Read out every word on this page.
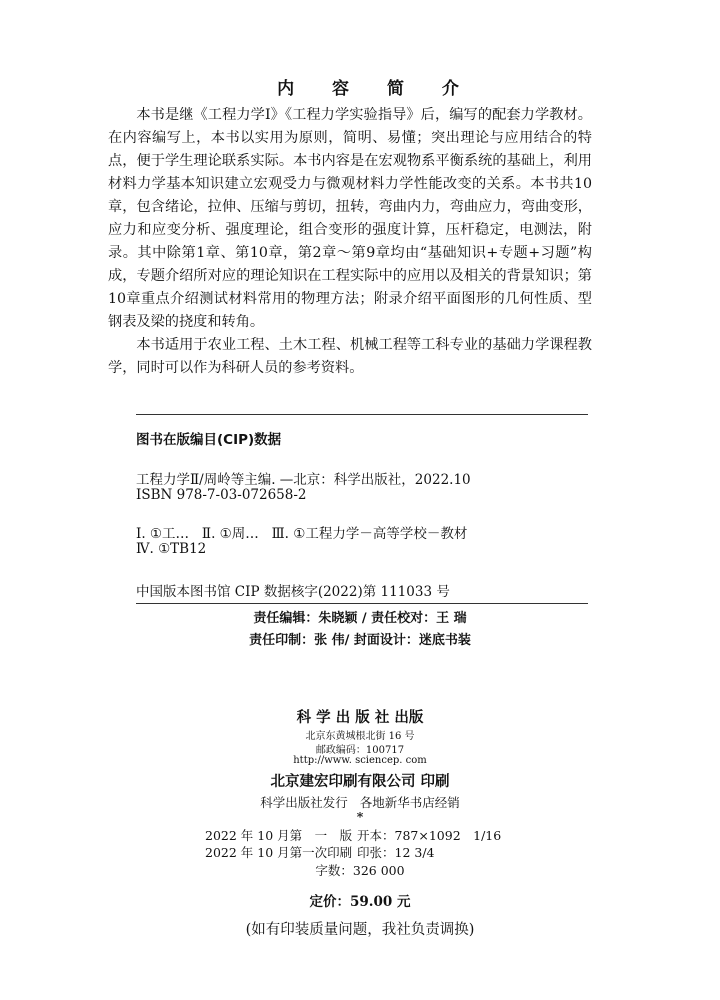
内 容 简 介

本书是继《工程力学Ⅰ》《工程力学实验指导》后，编写的配套力学教材。在内容编写上，本书以实用为原则，简明、易懂；突出理论与应用结合的特点，便于学生理论联系实际。本书内容是在宏观物系平衡系统的基础上，利用材料力学基本知识建立宏观受力与微观材料力学性能改变的关系。本书共10章，包含绪论，拉伸、压缩与剪切，扭转，弯曲内力，弯曲应力，弯曲变形，应力和应变分析、强度理论，组合变形的强度计算，压杆稳定，电测法，附录。其中除第1章、第10章，第2章～第9章均由“基础知识+专题+习题”构成，专题介绍所对应的理论知识在工程实际中的应用以及相关的背景知识；第10章重点介绍测试材料常用的物理方法；附录介绍平面图形的几何性质、型钢表及梁的挠度和转角。

本书适用于农业工程、土木工程、机械工程等工科专业的基础力学课程教学，同时可以作为科研人员的参考资料。

图书在版编目(CIP)数据
工程力学Ⅱ/周岭等主编. —北京：科学出版社，2022.10
ISBN 978-7-03-072658-2
Ⅰ. ①工…   Ⅱ. ①周…   Ⅲ. ①工程力学－高等学校－教材
Ⅳ. ①TB12
中国版本图书馆 CIP 数据核字(2022)第 111033 号
责任编辑：朱晓颖 / 责任校对：王 瑞
责任印制：张 伟/ 封面设计：迷底书装
科 学 出 版 社 出版
北京东黄城根北街 16 号
邮政编码：100717
http://www. sciencep. com
北京建宏印刷有限公司 印刷
科学出版社发行   各地新华书店经销
*
2022 年 10 月第　一　版 开本：787×1092　1/16
2022 年 10 月第一次印刷 印张：12 3/4
字数：326 000
定价：59.00 元
(如有印装质量问题，我社负责调换)
